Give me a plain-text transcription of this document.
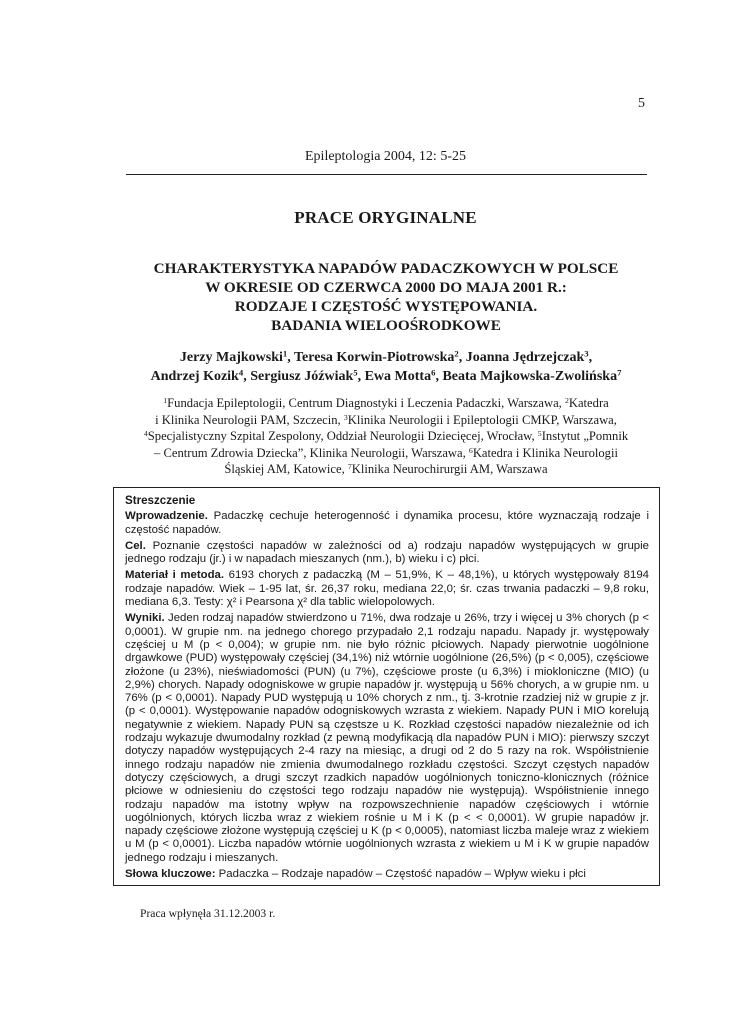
5
Epileptologia 2004, 12: 5-25
PRACE ORYGINALNE
CHARAKTERYSTYKA NAPADÓW PADACZKOWYCH W POLSCE
W OKRESIE OD CZERWCA 2000 DO MAJA 2001 R.:
RODZAJE I CZĘSTOŚĆ WYSTĘPOWANIA.
BADANIA WIELOOŚRODKOWE
Jerzy Majkowski$^1$, Teresa Korwin-Piotrowska$^2$, Joanna Jędrzejczak$^3$,
Andrzej Kozik$^4$, Sergiusz Jóźwiak$^5$, Ewa Motta$^6$, Beata Majkowska-Zwolińska$^7$
$^1$Fundacja Epileptologii, Centrum Diagnostyki i Leczenia Padaczki, Warszawa, $^2$Katedra
i Klinika Neurologii PAM, Szczecin, $^3$Klinika Neurologii i Epileptologii CMKP, Warszawa,
$^4$Specjalistyczny Szpital Zespolony, Oddział Neurologii Dziecięcej, Wrocław, $^5$Instytut „Pomnik
– Centrum Zdrowia Dziecka”, Klinika Neurologii, Warszawa, $^6$Katedra i Klinika Neurologii
Śląskiej AM, Katowice, $^7$Klinika Neurochirurgii AM, Warszawa

Streszczenie

Wprowadzenie. Padaczkę cechuje heterogenność i dynamika procesu, które wyznaczają rodzaje i częstość napadów.

Cel. Poznanie częstości napadów w zależności od a) rodzaju napadów występujących w grupie jednego rodzaju (jr.) i w napadach mieszanych (nm.), b) wieku i c) płci.

Materiał i metoda. 6193 chorych z padaczką (M – 51,9%, K – 48,1%), u których występowały 8194 rodzaje napadów. Wiek – 1-95 lat, śr. 26,37 roku, mediana 22,0; śr. czas trwania padaczki – 9,8 roku, mediana 6,3. Testy: χ² i Pearsona χ² dla tablic wielopolowych.

Wyniki. Jeden rodzaj napadów stwierdzono u 71%, dwa rodzaje u 26%, trzy i więcej u 3% chorych (p < 0,0001). W grupie nm. na jednego chorego przypadało 2,1 rodzaju napadu. Napady jr. występowały częściej u M (p < 0,004); w grupie nm. nie było różnic płciowych. Napady pierwotnie uogólnione drgawkowe (PUD) występowały częściej (34,1%) niż wtórnie uogólnione (26,5%) (p < 0,005), częściowe złożone (u 23%), nieświadomości (PUN) (u 7%), częściowe proste (u 6,3%) i miokloniczne (MIO) (u 2,9%) chorych. Napady odogniskowe w grupie napadów jr. występują u 56% chorych, a w grupie nm. u 76% (p < 0,0001). Napady PUD występują u 10% chorych z nm., tj. 3-krotnie rzadziej niż w grupie z jr. (p < 0,0001). Występowanie napadów odogniskowych wzrasta z wiekiem. Napady PUN i MIO korelują negatywnie z wiekiem. Napady PUN są częstsze u K. Rozkład częstości napadów niezależnie od ich rodzaju wykazuje dwumodalny rozkład (z pewną modyfikacją dla napadów PUN i MIO): pierwszy szczyt dotyczy napadów występujących 2-4 razy na miesiąc, a drugi od 2 do 5 razy na rok. Współistnienie innego rodzaju napadów nie zmienia dwumodalnego rozkładu częstości. Szczyt częstych napadów dotyczy częściowych, a drugi szczyt rzadkich napadów uogólnionych toniczno-klonicznych (różnice płciowe w odniesieniu do częstości tego rodzaju napadów nie występują). Współistnienie innego rodzaju napadów ma istotny wpływ na rozpowszechnienie napadów częściowych i wtórnie uogólnionych, których liczba wraz z wiekiem rośnie u M i K (p < < 0,0001). W grupie napadów jr. napady częściowe złożone występują częściej u K (p < 0,0005), natomiast liczba maleje wraz z wiekiem u M (p < 0,0001). Liczba napadów wtórnie uogólnionych wzrasta z wiekiem u M i K w grupie napadów jednego rodzaju i mieszanych.

Słowa kluczowe: Padaczka – Rodzaje napadów – Częstość napadów – Wpływ wieku i płci

Praca wpłynęła 31.12.2003 r.
